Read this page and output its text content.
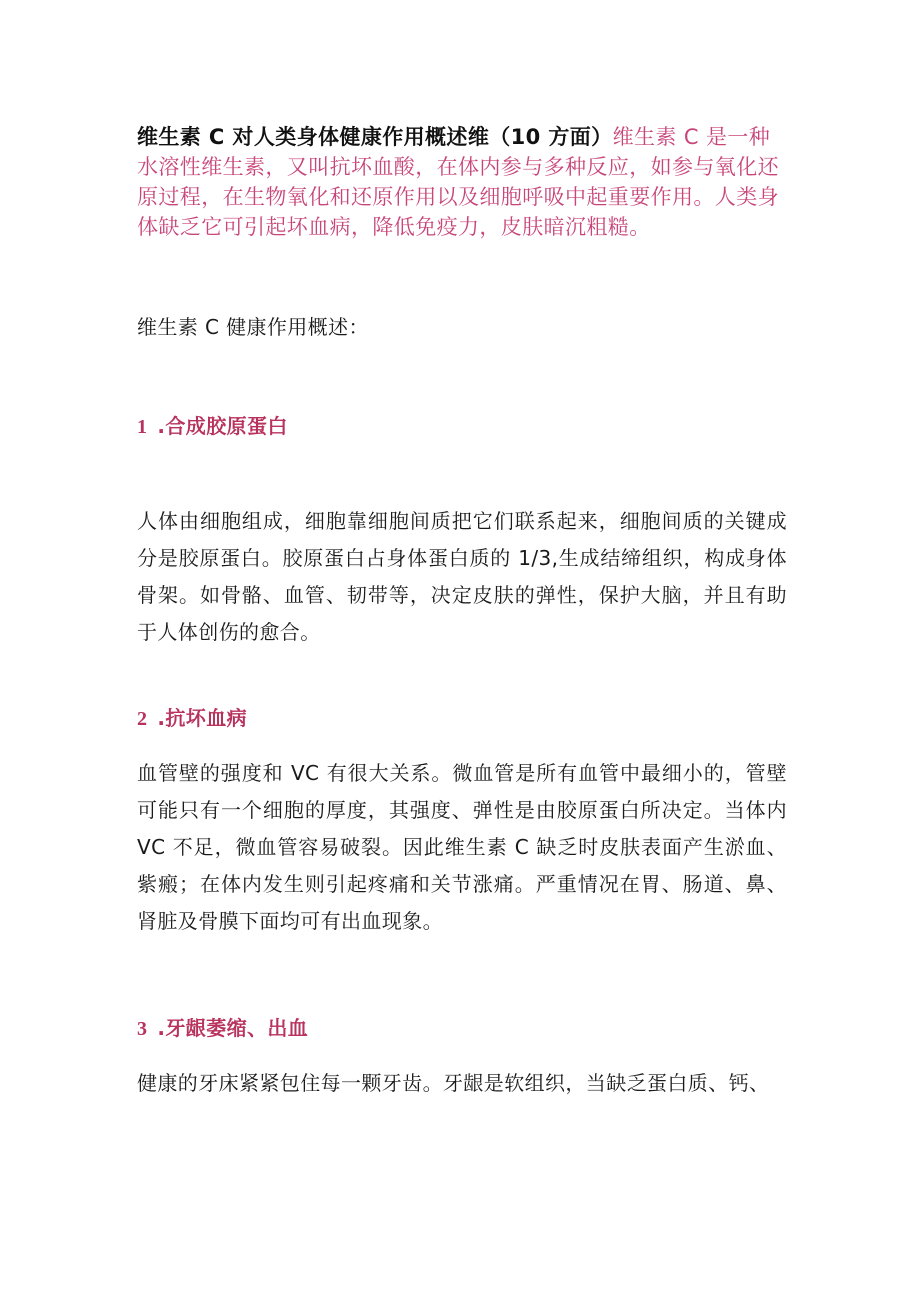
维生素 C 对人类身体健康作用概述维（10 方面）维生素 C 是一种水溶性维生素，又叫抗坏血酸，在体内参与多种反应，如参与氧化还原过程，在生物氧化和还原作用以及细胞呼吸中起重要作用。人类身体缺乏它可引起坏血病，降低免疫力，皮肤暗沉粗糙。

维生素 C 健康作用概述：
1 .合成胶原蛋白
人体由细胞组成，细胞靠细胞间质把它们联系起来，细胞间质的关键成分是胶原蛋白。胶原蛋白占身体蛋白质的 1/3,生成结缔组织，构成身体骨架。如骨骼、血管、韧带等，决定皮肤的弹性，保护大脑，并且有助于人体创伤的愈合。
2 .抗坏血病
血管壁的强度和 VC 有很大关系。微血管是所有血管中最细小的，管壁可能只有一个细胞的厚度，其强度、弹性是由胶原蛋白所决定。当体内 VC 不足，微血管容易破裂。因此维生素 C 缺乏时皮肤表面产生淤血、紫瘢；在体内发生则引起疼痛和关节涨痛。严重情况在胃、肠道、鼻、肾脏及骨膜下面均可有出血现象。
3 .牙龈萎缩、出血
健康的牙床紧紧包住每一颗牙齿。牙龈是软组织，当缺乏蛋白质、钙、
